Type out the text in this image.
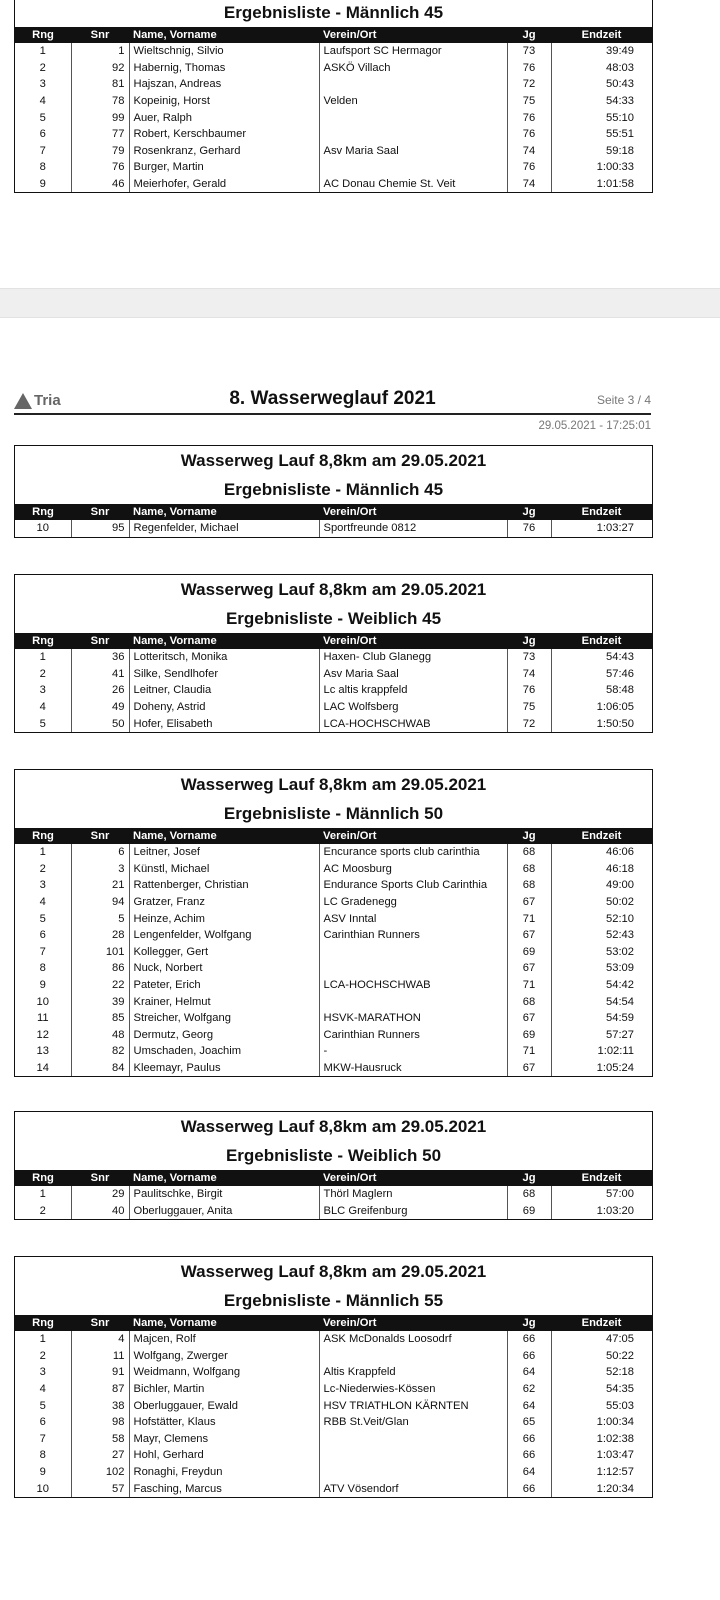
Ergebnisliste - Männlich 45
Rng	Snr	Name, Vorname	Verein/Ort	Jg	Endzeit
1	1	Wieltschnig, Silvio	Laufsport SC Hermagor	73	39:49
2	92	Habernig, Thomas	ASKÖ Villach	76	48:03
3	81	Hajszan, Andreas		72	50:43
4	78	Kopeinig, Horst	Velden	75	54:33
5	99	Auer, Ralph		76	55:10
6	77	Robert, Kerschbaumer		76	55:51
7	79	Rosenkranz, Gerhard	Asv Maria Saal	74	59:18
8	76	Burger, Martin		76	1:00:33
9	46	Meierhofer, Gerald	AC Donau Chemie St. Veit	74	1:01:58
Tria	8. Wasserweglauf 2021	Seite 3 / 4
29.05.2021 - 17:25:01
Wasserweg Lauf 8,8km am 29.05.2021
Ergebnisliste - Männlich 45
Rng	Snr	Name, Vorname	Verein/Ort	Jg	Endzeit
10	95	Regenfelder, Michael	Sportfreunde 0812	76	1:03:27
Wasserweg Lauf 8,8km am 29.05.2021
Ergebnisliste - Weiblich 45
Rng	Snr	Name, Vorname	Verein/Ort	Jg	Endzeit
1	36	Lotteritsch, Monika	Haxen- Club Glanegg	73	54:43
2	41	Silke, Sendlhofer	Asv Maria Saal	74	57:46
3	26	Leitner, Claudia	Lc altis krappfeld	76	58:48
4	49	Doheny, Astrid	LAC Wolfsberg	75	1:06:05
5	50	Hofer, Elisabeth	LCA-HOCHSCHWAB	72	1:50:50
Wasserweg Lauf 8,8km am 29.05.2021
Ergebnisliste - Männlich 50
Rng	Snr	Name, Vorname	Verein/Ort	Jg	Endzeit
1	6	Leitner, Josef	Encurance sports club carinthia	68	46:06
2	3	Künstl, Michael	AC Moosburg	68	46:18
3	21	Rattenberger, Christian	Endurance Sports Club Carinthia	68	49:00
4	94	Gratzer, Franz	LC Gradenegg	67	50:02
5	5	Heinze, Achim	ASV Inntal	71	52:10
6	28	Lengenfelder, Wolfgang	Carinthian Runners	67	52:43
7	101	Kollegger, Gert		69	53:02
8	86	Nuck, Norbert		67	53:09
9	22	Pateter, Erich	LCA-HOCHSCHWAB	71	54:42
10	39	Krainer, Helmut		68	54:54
11	85	Streicher, Wolfgang	HSVK-MARATHON	67	54:59
12	48	Dermutz, Georg	Carinthian Runners	69	57:27
13	82	Umschaden, Joachim	-	71	1:02:11
14	84	Kleemayr, Paulus	MKW-Hausruck	67	1:05:24
Wasserweg Lauf 8,8km am 29.05.2021
Ergebnisliste - Weiblich 50
Rng	Snr	Name, Vorname	Verein/Ort	Jg	Endzeit
1	29	Paulitschke, Birgit	Thörl Maglern	68	57:00
2	40	Oberluggauer, Anita	BLC Greifenburg	69	1:03:20
Wasserweg Lauf 8,8km am 29.05.2021
Ergebnisliste - Männlich 55
Rng	Snr	Name, Vorname	Verein/Ort	Jg	Endzeit
1	4	Majcen, Rolf	ASK McDonalds Loosodrf	66	47:05
2	11	Wolfgang, Zwerger		66	50:22
3	91	Weidmann, Wolfgang	Altis Krappfeld	64	52:18
4	87	Bichler, Martin	Lc-Niederwies-Kössen	62	54:35
5	38	Oberluggauer, Ewald	HSV TRIATHLON KÄRNTEN	64	55:03
6	98	Hofstätter, Klaus	RBB St.Veit/Glan	65	1:00:34
7	58	Mayr, Clemens		66	1:02:38
8	27	Hohl, Gerhard		66	1:03:47
9	102	Ronaghi, Freydun		64	1:12:57
10	57	Fasching, Marcus	ATV Vösendorf	66	1:20:34
